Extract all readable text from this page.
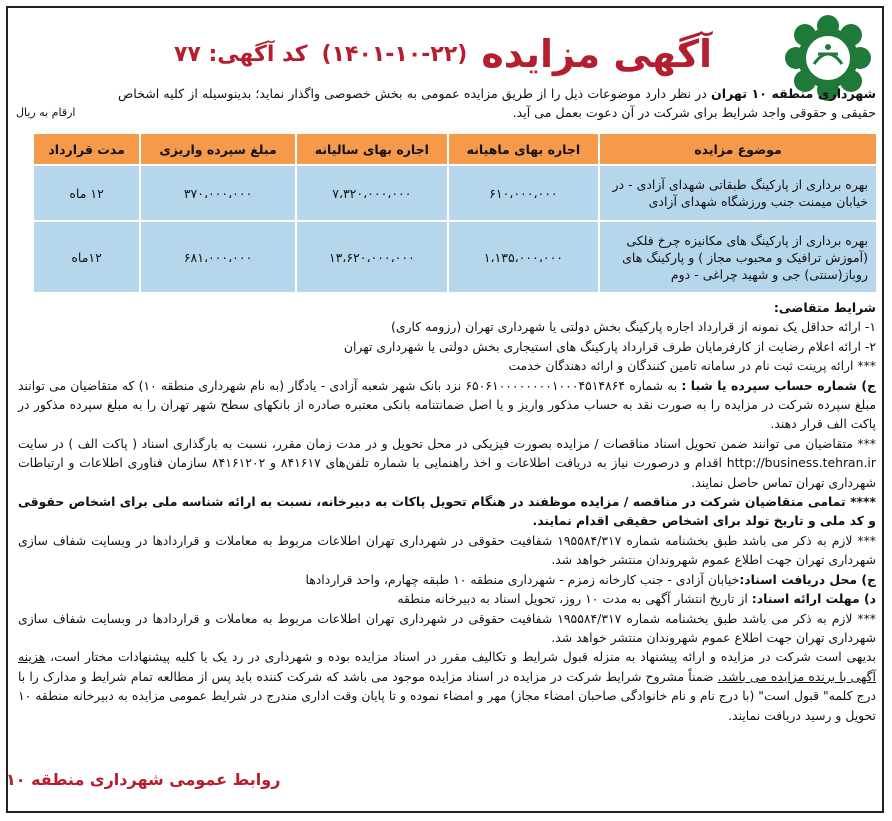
آگهی مزایده
(۱۴۰۱-۱۰-۲۲)
کد آگهی: ۷۷
شهرداری منطقه ۱۰ تهران در نظر دارد موضوعات ذیل را از طریق مزایده عمومی به بخش خصوصی واگذار نماید؛ بدینوسیله از کلیه اشخاص حقیقی و حقوقی واجد شرایط برای شرکت در آن دعوت بعمل می آید.
ارقام به ریال
موضوع مزایده	اجاره بهای ماهیانه	اجاره بهای سالیانه	مبلغ سپرده واریزی	مدت قرارداد
بهره برداری از پارکینگ طبقاتی شهدای آزادی - در خیابان میمنت جنب ورزشگاه شهدای آزادی	۶۱۰،۰۰۰،۰۰۰	۷،۳۲۰،۰۰۰،۰۰۰	۳۷۰،۰۰۰،۰۰۰	۱۲ ماه
بهره برداری از پارکینگ های مکانیزه چرخ فلکی (آموزش ترافیک و محبوب مجاز ) و پارکینگ های روباز(سنتی) جی و شهید چراغی - دوم	۱،۱۳۵،۰۰۰،۰۰۰	۱۳،۶۲۰،۰۰۰،۰۰۰	۶۸۱،۰۰۰،۰۰۰	۱۲ماه

شرایط متقاضی:

۱- ارائه حداقل یک نمونه از قرارداد اجاره پارکینگ بخش دولتی یا شهرداری تهران (رزومه کاری)

۲- ارائه اعلام رضایت از کارفرمایان طرف قرارداد پارکینگ های استیجاری بخش دولتی یا شهرداری تهران

*** ارائه پرینت ثبت نام در سامانه تامین کنندگان و ارائه دهندگان خدمت

ج) شماره حساب سپرده یا شبا : به شماره ۶۵۰۶۱۰۰۰۰۰۰۰۰۱۰۰۰۴۵۱۴۸۶۴ نزد بانک شهر شعبه آزادی - یادگار (به نام شهرداری منطقه ۱۰) که متقاضیان می توانند مبلغ سپرده شرکت در مزایده را به صورت نقد به حساب مذکور واریز و یا اصل ضمانتنامه بانکی معتبره صادره از بانکهای سطح شهر تهران را به مبلغ سپرده مذکور در پاکت الف قرار دهند.

*** متقاضیان می توانند ضمن تحویل اسناد مناقصات / مزایده بصورت فیزیکی در محل تحویل و در مدت زمان مقرر، نسبت به بارگذاری اسناد ( پاکت الف ) در سایت http://business.tehran.ir اقدام و درصورت نیاز به دریافت اطلاعات و اخذ راهنمایی با شماره تلفن‌های ۸۴۱۶۱۷ و ۸۴۱۶۱۲۰۲ سازمان فناوری اطلاعات و ارتباطات شهرداری تهران تماس حاصل نمایند.

**** تمامی متقاضیان شرکت در مناقصه / مزایده موظفند در هنگام تحویل پاکات به دبیرخانه، نسبت به ارائه شناسه ملی برای اشخاص حقوقی و کد ملی و تاریخ تولد برای اشخاص حقیقی اقدام نمایند.

*** لازم به ذکر می باشد طبق بخشنامه شماره ۱۹۵۵۸۴/۳۱۷ شفافیت حقوقی در شهرداری تهران اطلاعات مربوط به معاملات و قراردادها در وبسایت شفاف سازی شهرداری تهران جهت اطلاع عموم شهروندان منتشر خواهد شد.

ج) محل دریافت اسناد:خیابان آزادی - جنب کارخانه زمزم - شهرداری منطقه ۱۰ طبقه چهارم، واحد قراردادها

د) مهلت ارائه اسناد: از تاریخ انتشار آگهی به مدت ۱۰ روز، تحویل اسناد به دبیرخانه منطقه

*** لازم به ذکر می باشد طبق بخشنامه شماره ۱۹۵۵۸۴/۳۱۷ شفافیت حقوقی در شهرداری تهران اطلاعات مربوط به معاملات و قراردادها در وبسایت شفاف سازی شهرداری تهران جهت اطلاع عموم شهروندان منتشر خواهد شد.

بدیهی است شرکت در مزایده و ارائه پیشنهاد به منزله قبول شرایط و تکالیف مقرر در اسناد مزایده بوده و شهرداری در رد یک یا کلیه پیشنهادات مختار است، هزینه آگهی با برنده مزایده می باشد. ضمناً مشروح شرایط شرکت در مزایده در اسناد مزایده موجود می باشد که شرکت کننده باید پس از مطالعه تمام شرایط و مدارک را با درج کلمه" قبول است" (با درج نام و نام خانوادگی صاحبان امضاء مجاز) مهر و امضاء نموده و تا پایان وقت اداری مندرج در شرایط عمومی مزایده به دبیرخانه منطقه ۱۰ تحویل و رسید دریافت نمایند.

روابط عمومی شهرداری منطقه ۱۰
